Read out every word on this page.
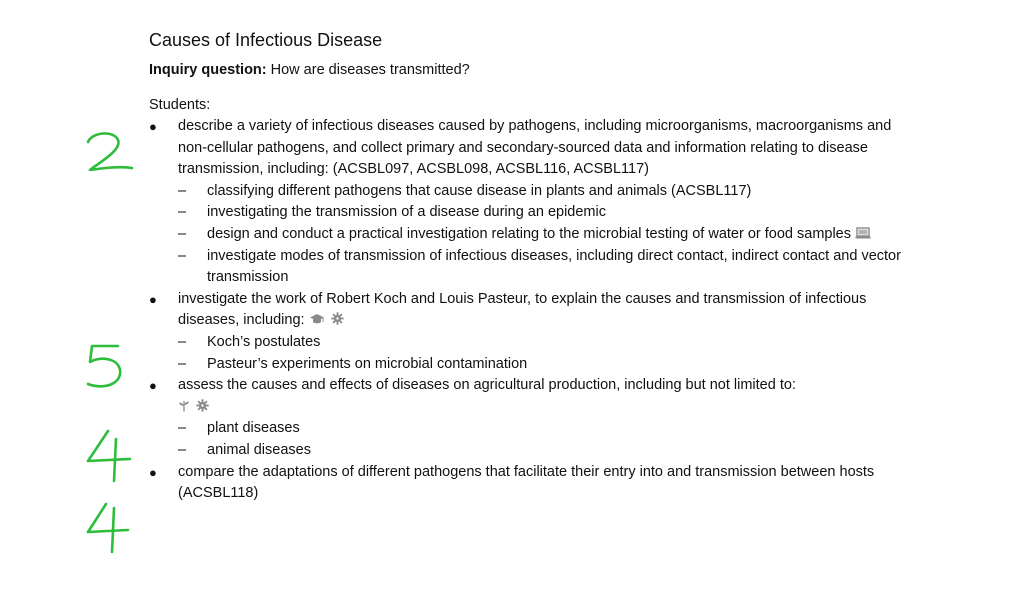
Causes of Infectious Disease

Inquiry question: How are diseases transmitted?

Students:

● describe a variety of infectious diseases caused by pathogens, including microorganisms, macroorganisms and non-cellular pathogens, and collect primary and secondary-sourced data and information relating to disease transmission, including: (ACSBL097, ACSBL098, ACSBL116, ACSBL117)
– classifying different pathogens that cause disease in plants and animals (ACSBL117)
– investigating the transmission of a disease during an epidemic
– design and conduct a practical investigation relating to the microbial testing of water or food samples
– investigate modes of transmission of infectious diseases, including direct contact, indirect contact and vector transmission
● investigate the work of Robert Koch and Louis Pasteur, to explain the causes and transmission of infectious diseases, including:
– Koch’s postulates
– Pasteur’s experiments on microbial contamination
● assess the causes and effects of diseases on agricultural production, including but not limited to:

– plant diseases
– animal diseases
● compare the adaptations of different pathogens that facilitate their entry into and transmission between hosts (ACSBL118)
